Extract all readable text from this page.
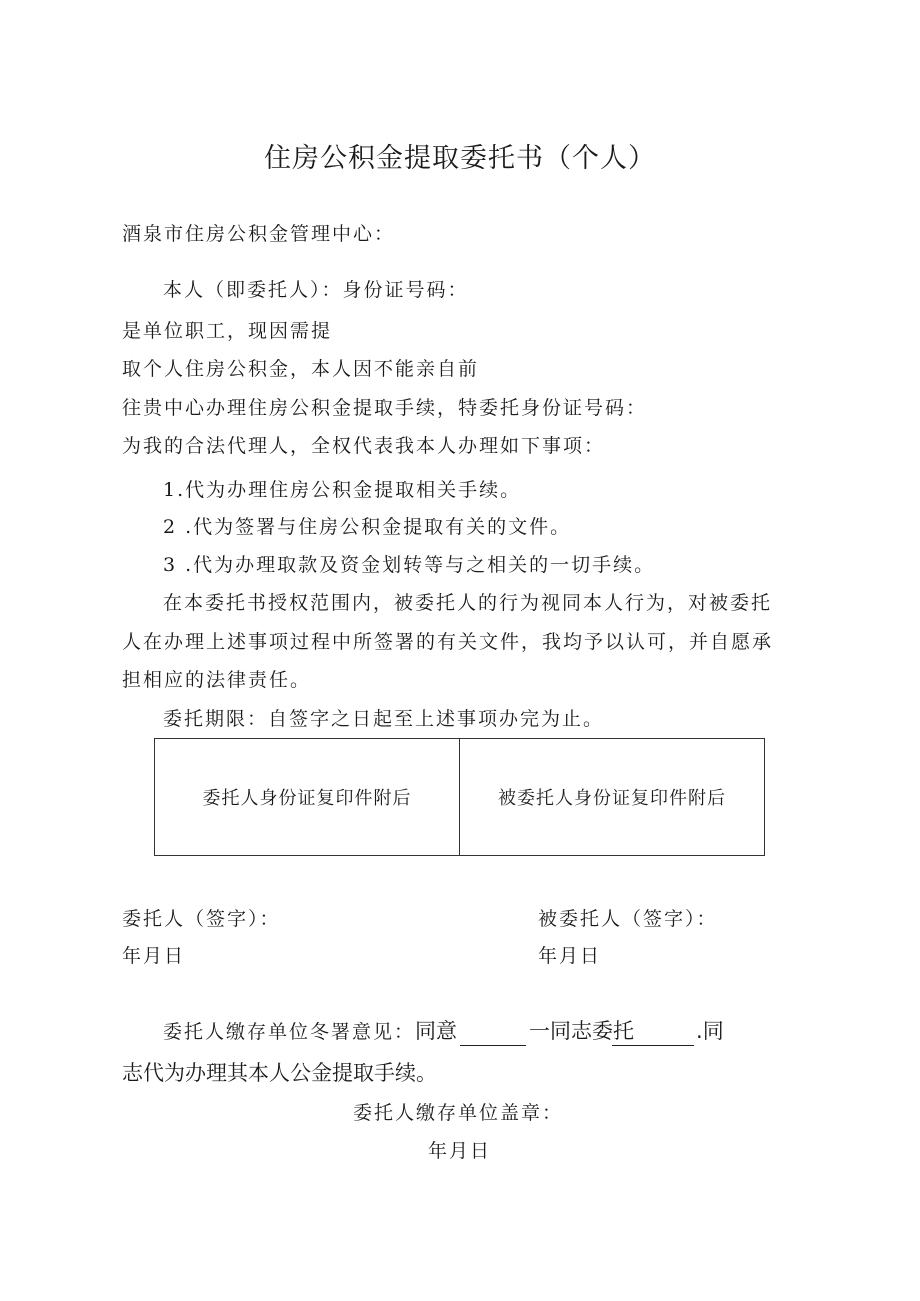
住房公积金提取委托书（个人）
酒泉市住房公积金管理中心：
本人（即委托人）：身份证号码：
是单位职工，现因需提
取个人住房公积金，本人因不能亲自前
往贵中心办理住房公积金提取手续，特委托身份证号码：
为我的合法代理人，全权代表我本人办理如下事项：
1.代为办理住房公积金提取相关手续。
2 .代为签署与住房公积金提取有关的文件。
3 .代为办理取款及资金划转等与之相关的一切手续。
在本委托书授权范围内，被委托人的行为视同本人行为，对被委托
人在办理上述事项过程中所签署的有关文件，我均予以认可，并自愿承
担相应的法律责任。
委托期限：自签字之日起至上述事项办完为止。
委托人身份证复印件附后	被委托人身份证复印件附后
委托人（签字）：
年月日
被委托人（签字）：
年月日
委托人缴存单位冬署意见：同意	一同志委托	.同
志代为办理其本人公金提取手续。
委托人缴存单位盖章：
年月日
